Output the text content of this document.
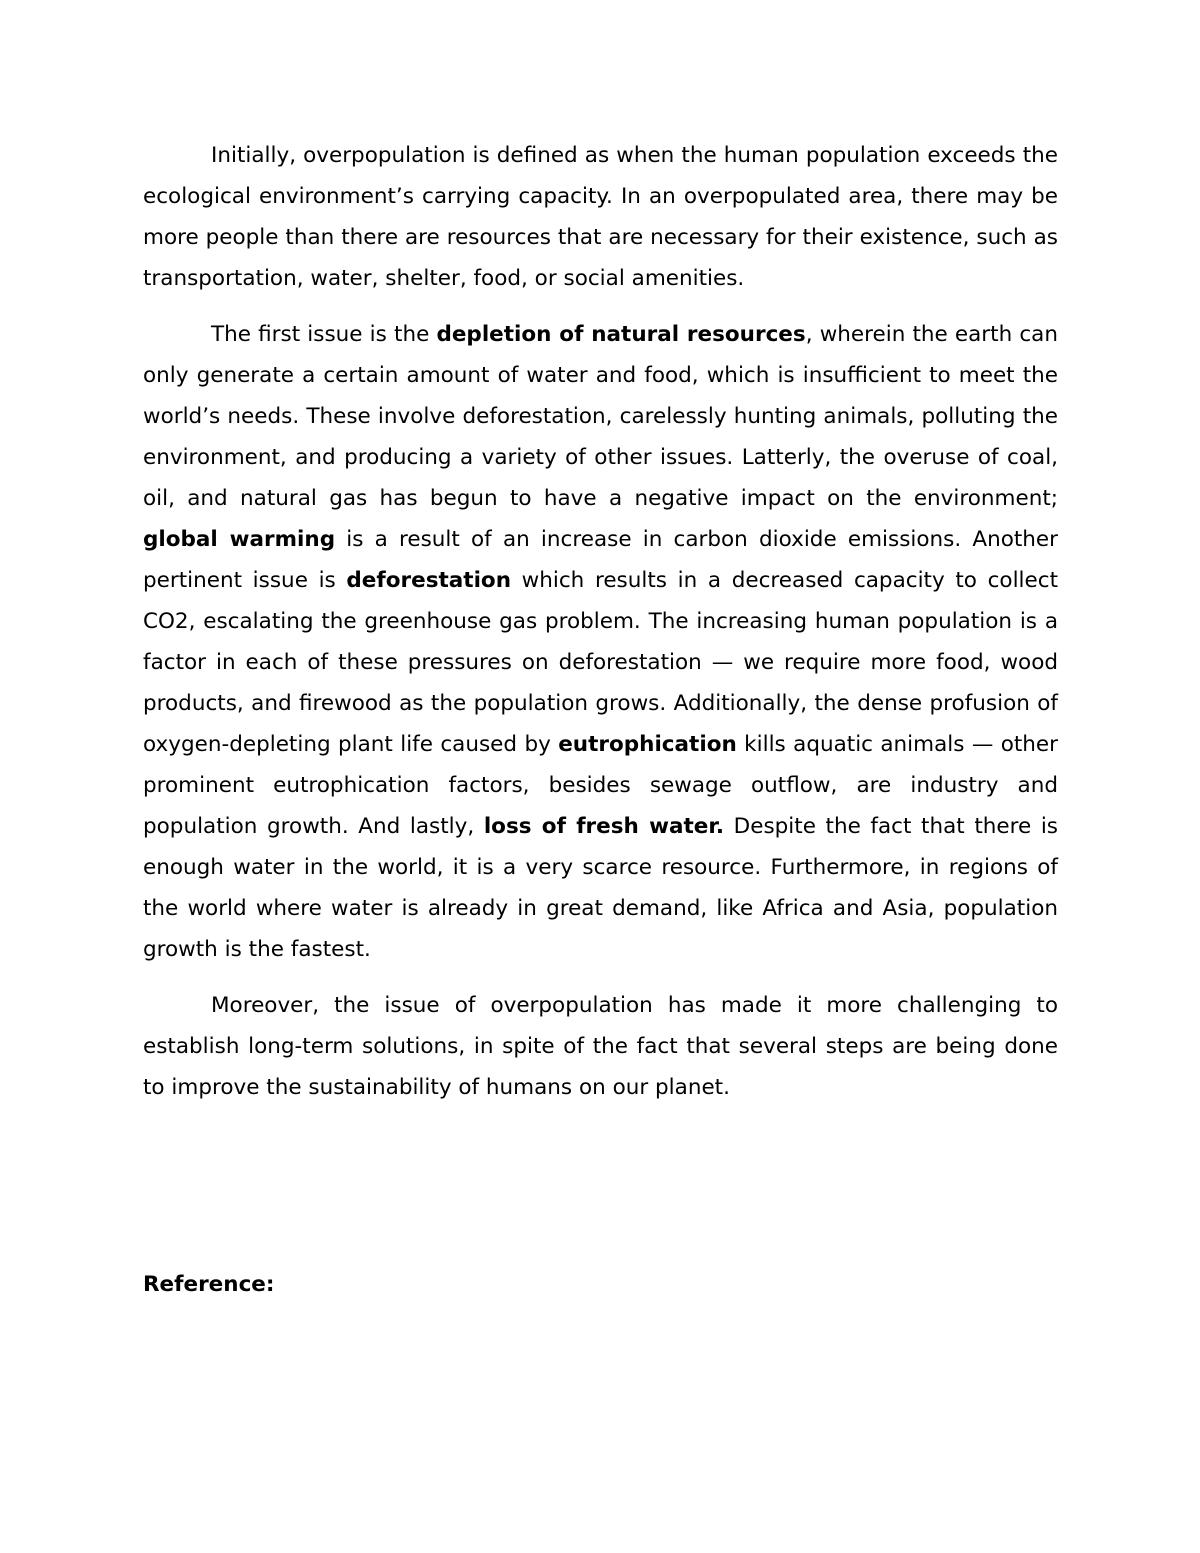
Initially, overpopulation is defined as when the human population exceeds the ecological environment’s carrying capacity. In an overpopulated area, there may be more people than there are resources that are necessary for their existence, such as transportation, water, shelter, food, or social amenities.

The first issue is the depletion of natural resources, wherein the earth can only generate a certain amount of water and food, which is insufficient to meet the world’s needs. These involve deforestation, carelessly hunting animals, polluting the environment, and producing a variety of other issues. Latterly, the overuse of coal, oil, and natural gas has begun to have a negative impact on the environment; global warming is a result of an increase in carbon dioxide emissions. Another pertinent issue is deforestation which results in a decreased capacity to collect CO2, escalating the greenhouse gas problem. The increasing human population is a factor in each of these pressures on deforestation — we require more food, wood products, and firewood as the population grows. Additionally, the dense profusion of oxygen-depleting plant life caused by eutrophication kills aquatic animals — other prominent eutrophication factors, besides sewage outflow, are industry and population growth. And lastly, loss of fresh water. Despite the fact that there is enough water in the world, it is a very scarce resource. Furthermore, in regions of the world where water is already in great demand, like Africa and Asia, population growth is the fastest.

Moreover, the issue of overpopulation has made it more challenging to establish long-term solutions, in spite of the fact that several steps are being done to improve the sustainability of humans on our planet.

Reference:
